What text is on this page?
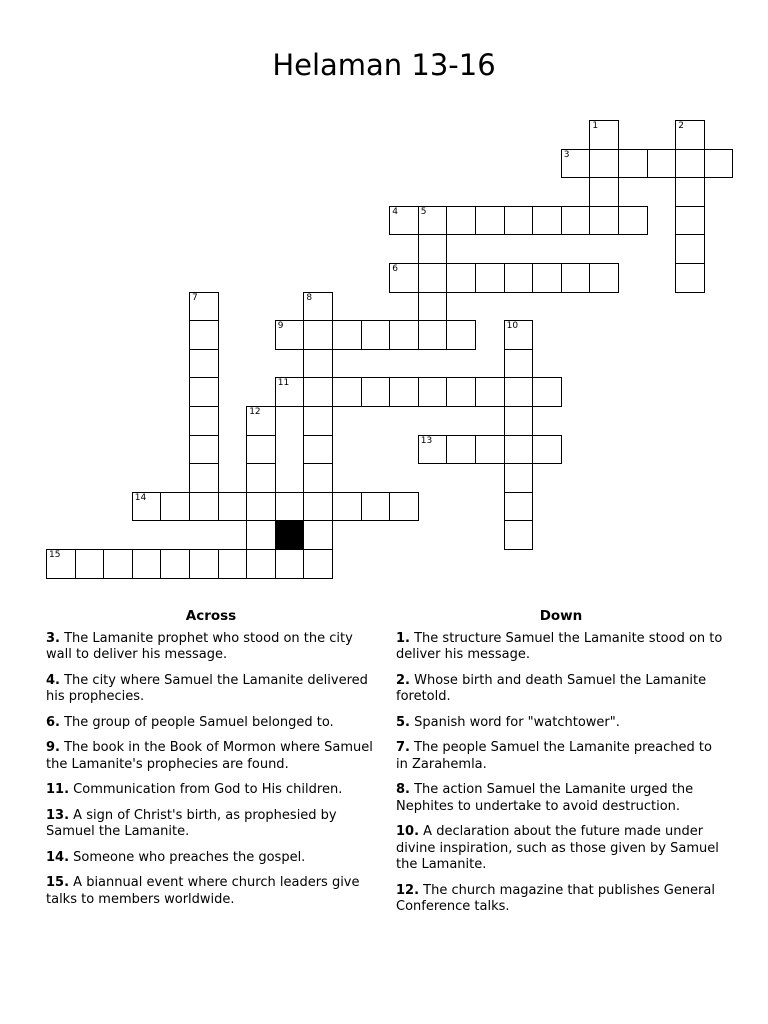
Helaman 13-16
1	2
3
4	5
6
7	8
9	10
11
12
13
14
15
Across

3. The Lamanite prophet who stood on the city wall to deliver his message.

4. The city where Samuel the Lamanite delivered his prophecies.

6. The group of people Samuel belonged to.

9. The book in the Book of Mormon where Samuel the Lamanite's prophecies are found.

11. Communication from God to His children.

13. A sign of Christ's birth, as prophesied by Samuel the Lamanite.

14. Someone who preaches the gospel.

15. A biannual event where church leaders give talks to members worldwide.

Down

1. The structure Samuel the Lamanite stood on to deliver his message.

2. Whose birth and death Samuel the Lamanite foretold.

5. Spanish word for "watchtower".

7. The people Samuel the Lamanite preached to in Zarahemla.

8. The action Samuel the Lamanite urged the Nephites to undertake to avoid destruction.

10. A declaration about the future made under divine inspiration, such as those given by Samuel the Lamanite.

12. The church magazine that publishes General Conference talks.
